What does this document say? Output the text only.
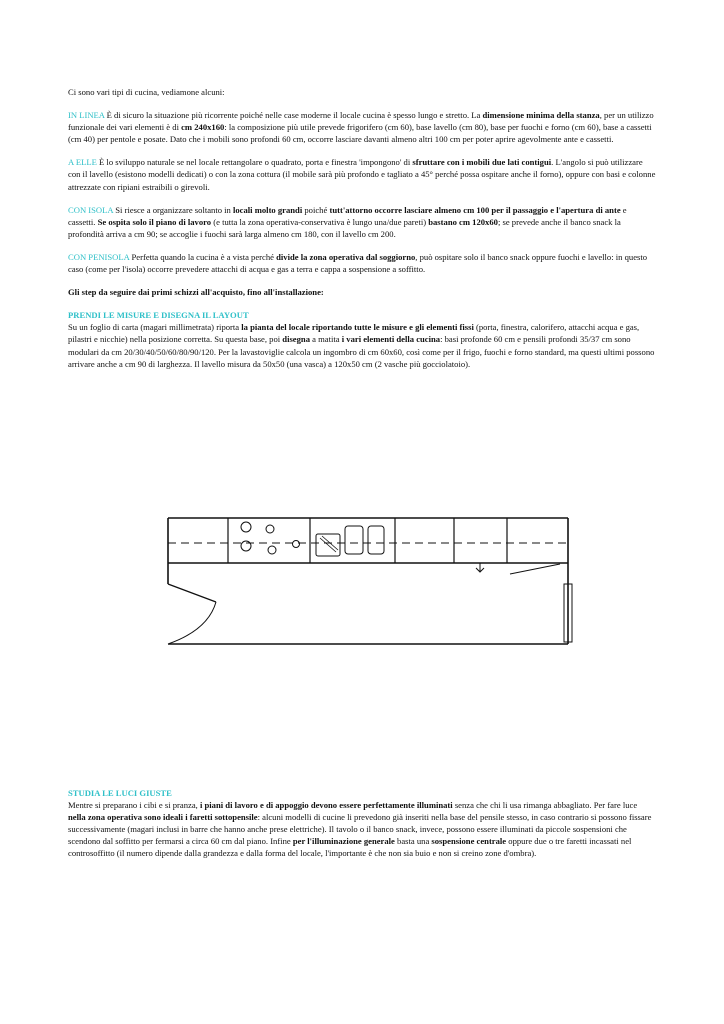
Ci sono vari tipi di cucina, vediamone alcuni:

IN LINEA È di sicuro la situazione più ricorrente poiché nelle case moderne il locale cucina è spesso lungo e stretto. La dimensione minima della stanza, per un utilizzo funzionale dei vari elementi è di cm 240x160: la composizione più utile prevede frigorifero (cm 60), base lavello (cm 80), base per fuochi e forno (cm 60), base a cassetti (cm 40) per pentole e posate. Dato che i mobili sono profondi 60 cm, occorre lasciare davanti almeno altri 100 cm per poter aprire agevolmente ante e cassetti.

A ELLE È lo sviluppo naturale se nel locale rettangolare o quadrato, porta e finestra 'impongono' di sfruttare con i mobili due lati contigui. L'angolo si può utilizzare con il lavello (esistono modelli dedicati) o con la zona cottura (il mobile sarà più profondo e tagliato a 45° perché possa ospitare anche il forno), oppure con basi e colonne attrezzate con ripiani estraibili o girevoli.

CON ISOLA Si riesce a organizzare soltanto in locali molto grandi poiché tutt'attorno occorre lasciare almeno cm 100 per il passaggio e l'apertura di ante e cassetti. Se ospita solo il piano di lavoro (e tutta la zona operativa-conservativa è lungo una/due pareti) bastano cm 120x60; se prevede anche il banco snack la profondità arriva a cm 90; se accoglie i fuochi sarà larga almeno cm 180, con il lavello cm 200.

CON PENISOLA Perfetta quando la cucina è a vista perché divide la zona operativa dal soggiorno, può ospitare solo il banco snack oppure fuochi e lavello: in questo caso (come per l'isola) occorre prevedere attacchi di acqua e gas a terra e cappa a sospensione a soffitto.

Gli step da seguire dai primi schizzi all'acquisto, fino all'installazione:

PRENDI LE MISURE E DISEGNA IL LAYOUT

Su un foglio di carta (magari millimetrata) riporta la pianta del locale riportando tutte le misure e gli elementi fissi (porta, finestra, calorifero, attacchi acqua e gas, pilastri e nicchie) nella posizione corretta. Su questa base, poi disegna a matita i vari elementi della cucina: basi profonde 60 cm e pensili profondi 35/37 cm sono modulari da cm 20/30/40/50/60/80/90/120. Per la lavastoviglie calcola un ingombro di cm 60x60, così come per il frigo, fuochi e forno standard, ma questi ultimi possono arrivare anche a cm 90 di larghezza. Il lavello misura da 50x50 (una vasca) a 120x50 cm (2 vasche più gocciolatoio).

STUDIA LE LUCI GIUSTE

Mentre si preparano i cibi e si pranza, i piani di lavoro e di appoggio devono essere perfettamente illuminati senza che chi li usa rimanga abbagliato. Per fare luce nella zona operativa sono ideali i faretti sottopensile: alcuni modelli di cucine li prevedono già inseriti nella base del pensile stesso, in caso contrario si possono fissare successivamente (magari inclusi in barre che hanno anche prese elettriche). Il tavolo o il banco snack, invece, possono essere illuminati da piccole sospensioni che scendono dal soffitto per fermarsi a circa 60 cm dal piano. Infine per l'illuminazione generale basta una sospensione centrale oppure due o tre faretti incassati nel controsoffitto (il numero dipende dalla grandezza e dalla forma del locale, l'importante è che non sia buio e non si creino zone d'ombra).
